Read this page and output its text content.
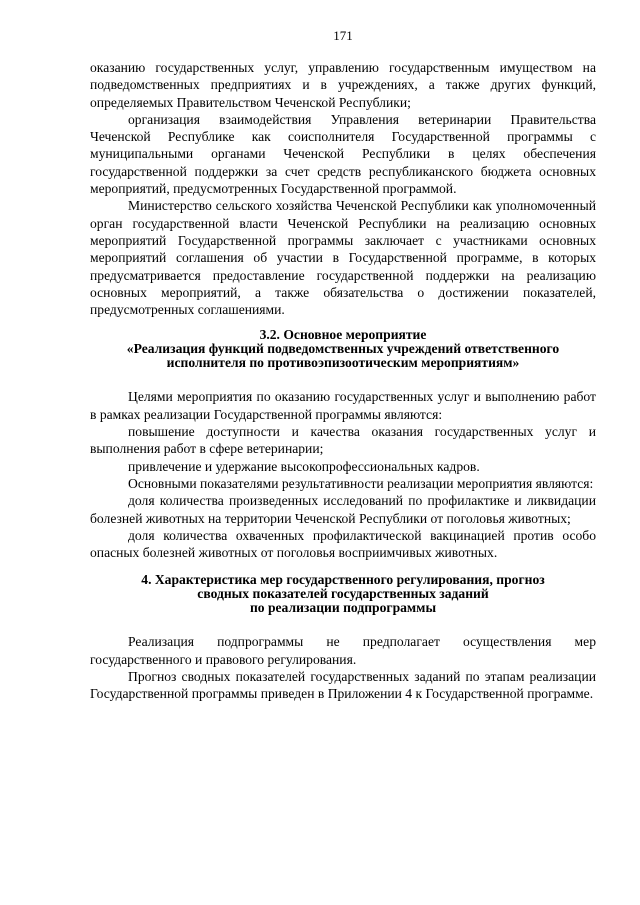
171

оказанию государственных услуг, управлению государственным имуществом на подведомственных предприятиях и в учреждениях, а также других функций, определяемых Правительством Чеченской Республики;

организация взаимодействия Управления ветеринарии Правительства Чеченской Республике как соисполнителя Государственной программы с муниципальными органами Чеченской Республики в целях обеспечения государственной поддержки за счет средств республиканского бюджета основных мероприятий, предусмотренных Государственной программой.

Министерство сельского хозяйства Чеченской Республики как уполномоченный орган государственной власти Чеченской Республики на реализацию основных мероприятий Государственной программы заключает с участниками основных мероприятий соглашения об участии в Государственной программе, в которых предусматривается предоставление государственной поддержки на реализацию основных мероприятий, а также обязательства о достижении показателей, предусмотренных соглашениями.

3.2. Основное мероприятие

«Реализация функций подведомственных учреждений ответственного

исполнителя по противоэпизоотическим мероприятиям»

Целями мероприятия по оказанию государственных услуг и выполнению работ в рамках реализации Государственной программы являются:

повышение доступности и качества оказания государственных услуг и выполнения работ в сфере ветеринарии;

привлечение и удержание высокопрофессиональных кадров.

Основными показателями результативности реализации мероприятия являются:

доля количества произведенных исследований по профилактике и ликвидации болезней животных на территории Чеченской Республики от поголовья животных;

доля количества охваченных профилактической вакцинацией против особо опасных болезней животных от поголовья восприимчивых животных.

4. Характеристика мер государственного регулирования, прогноз

сводных показателей государственных заданий

по реализации подпрограммы

Реализация подпрограммы не предполагает осуществления мер государственного и правового регулирования.

Прогноз сводных показателей государственных заданий по этапам реализации Государственной программы приведен в Приложении 4 к Государственной программе.
